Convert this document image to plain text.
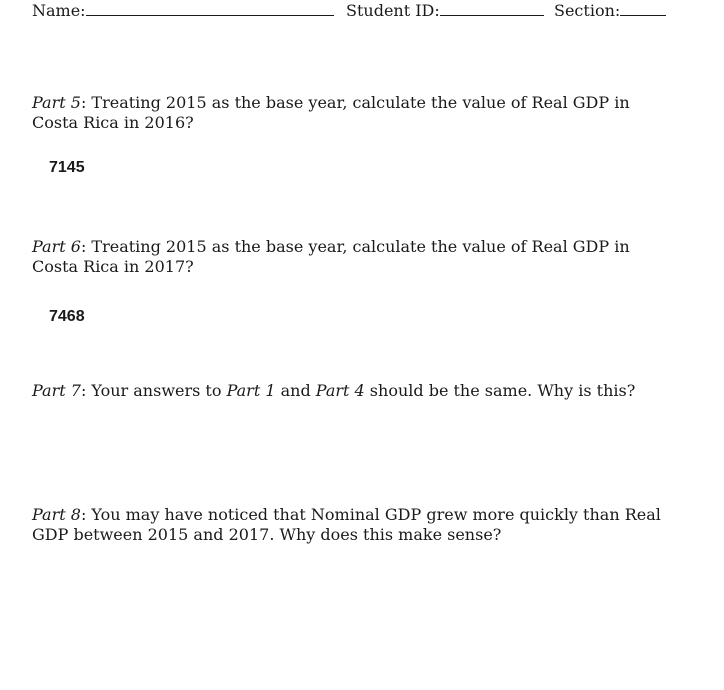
Name:	Student ID:	Section:
Part 5: Treating 2015 as the base year, calculate the value of Real GDP in Costa Rica in 2016?
7145
Part 6: Treating 2015 as the base year, calculate the value of Real GDP in Costa Rica in 2017?
7468
Part 7: Your answers to Part 1 and Part 4 should be the same. Why is this?
Part 8: You may have noticed that Nominal GDP grew more quickly than Real GDP between 2015 and 2017. Why does this make sense?
